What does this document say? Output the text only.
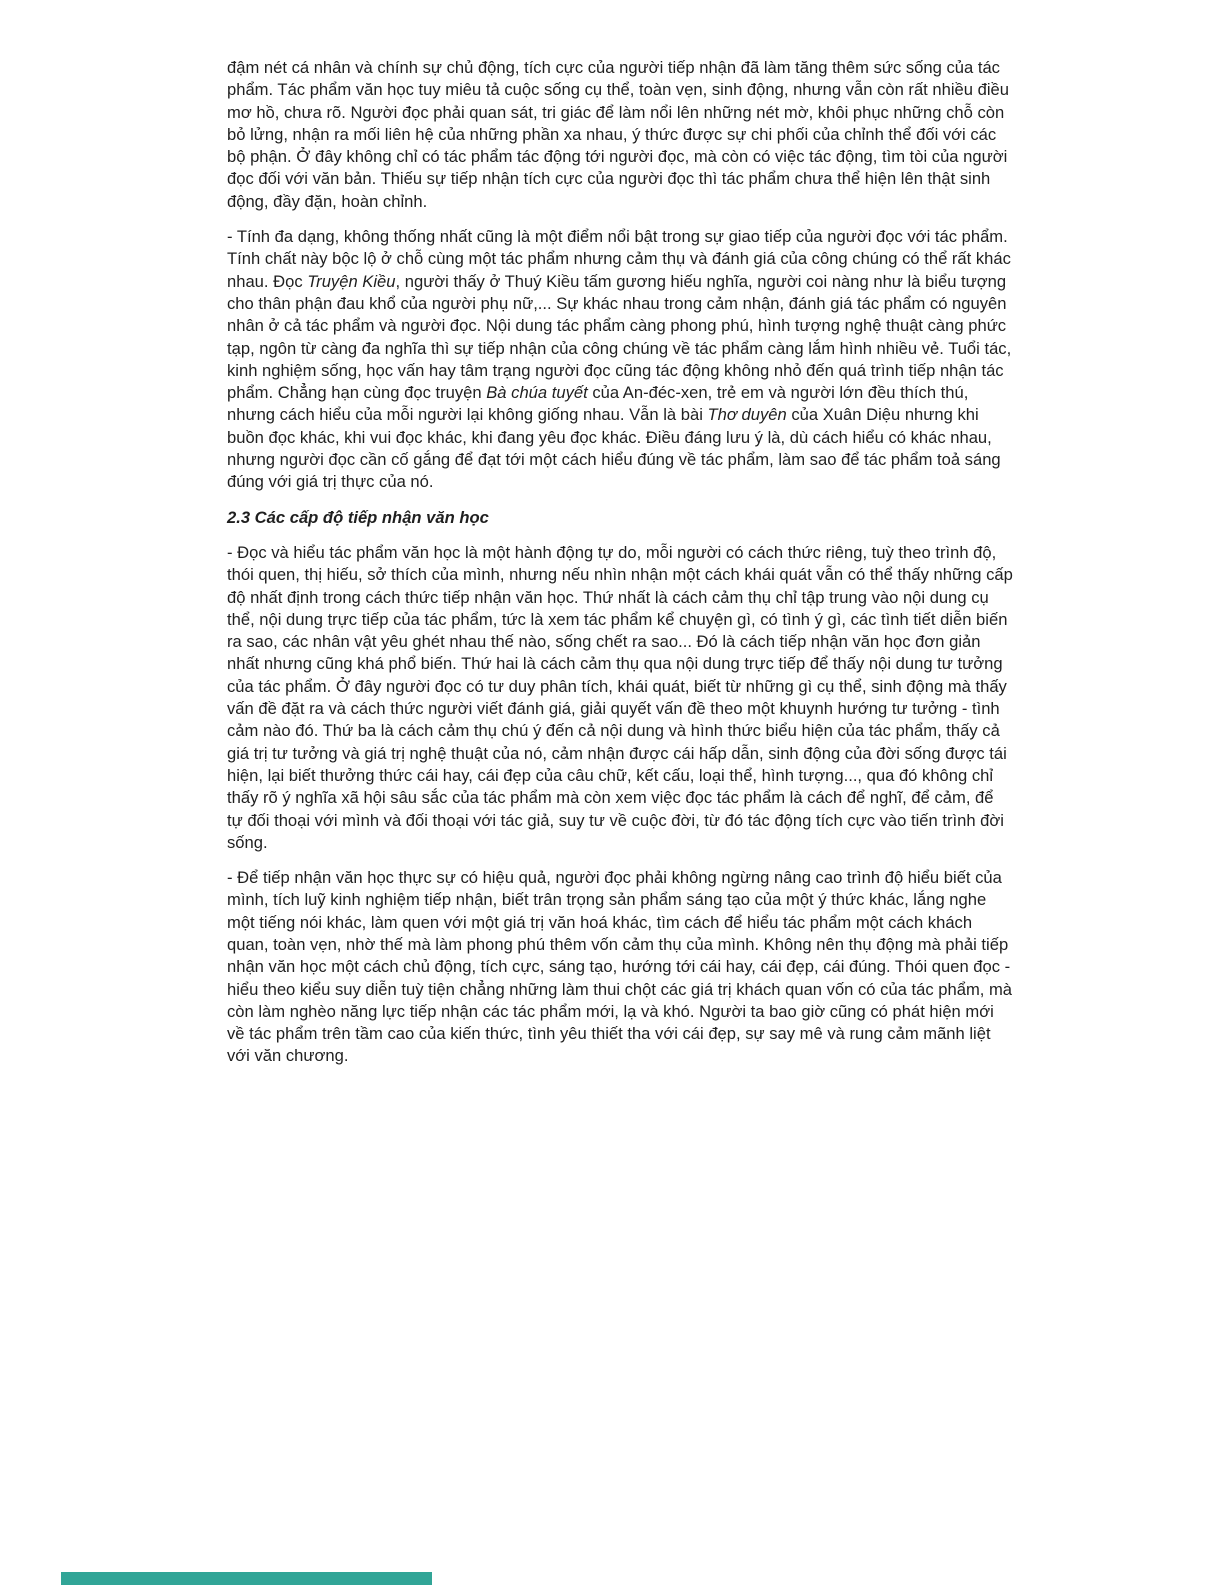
đậm nét cá nhân và chính sự chủ động, tích cực của người tiếp nhận đã làm tăng thêm sức sống của tác phẩm. Tác phẩm văn học tuy miêu tả cuộc sống cụ thể, toàn vẹn, sinh động, nhưng vẫn còn rất nhiều điều mơ hồ, chưa rõ. Người đọc phải quan sát, tri giác để làm nổi lên những nét mờ, khôi phục những chỗ còn bỏ lửng, nhận ra mối liên hệ của những phần xa nhau, ý thức được sự chi phối của chỉnh thể đối với các bộ phận. Ở đây không chỉ có tác phẩm tác động tới người đọc, mà còn có việc tác động, tìm tòi của người đọc đối với văn bản. Thiếu sự tiếp nhận tích cực của người đọc thì tác phẩm chưa thể hiện lên thật sinh động, đầy đặn, hoàn chỉnh.

- Tính đa dạng, không thống nhất cũng là một điểm nổi bật trong sự giao tiếp của người đọc với tác phẩm. Tính chất này bộc lộ ở chỗ cùng một tác phẩm nhưng cảm thụ và đánh giá của công chúng có thể rất khác nhau. Đọc Truyện Kiều, người thấy ở Thuý Kiều tấm gương hiếu nghĩa, người coi nàng như là biểu tượng cho thân phận đau khổ của người phụ nữ,... Sự khác nhau trong cảm nhận, đánh giá tác phẩm có nguyên nhân ở cả tác phẩm và người đọc. Nội dung tác phẩm càng phong phú, hình tượng nghệ thuật càng phức tạp, ngôn từ càng đa nghĩa thì sự tiếp nhận của công chúng về tác phẩm càng lắm hình nhiều vẻ. Tuổi tác, kinh nghiệm sống, học vấn hay tâm trạng người đọc cũng tác động không nhỏ đến quá trình tiếp nhận tác phẩm. Chẳng hạn cùng đọc truyện Bà chúa tuyết của An-đéc-xen, trẻ em và người lớn đều thích thú, nhưng cách hiểu của mỗi người lại không giống nhau. Vẫn là bài Thơ duyên của Xuân Diệu nhưng khi buồn đọc khác, khi vui đọc khác, khi đang yêu đọc khác. Điều đáng lưu ý là, dù cách hiểu có khác nhau, nhưng người đọc cần cố gắng để đạt tới một cách hiểu đúng về tác phẩm, làm sao để tác phẩm toả sáng đúng với giá trị thực của nó.

2.3 Các cấp độ tiếp nhận văn học

- Đọc và hiểu tác phẩm văn học là một hành động tự do, mỗi người có cách thức riêng, tuỳ theo trình độ, thói quen, thị hiếu, sở thích của mình, nhưng nếu nhìn nhận một cách khái quát vẫn có thể thấy những cấp độ nhất định trong cách thức tiếp nhận văn học. Thứ nhất là cách cảm thụ chỉ tập trung vào nội dung cụ thể, nội dung trực tiếp của tác phẩm, tức là xem tác phẩm kể chuyện gì, có tình ý gì, các tình tiết diễn biến ra sao, các nhân vật yêu ghét nhau thế nào, sống chết ra sao... Đó là cách tiếp nhận văn học đơn giản nhất nhưng cũng khá phổ biến. Thứ hai là cách cảm thụ qua nội dung trực tiếp để thấy nội dung tư tưởng của tác phẩm. Ở đây người đọc có tư duy phân tích, khái quát, biết từ những gì cụ thể, sinh động mà thấy vấn đề đặt ra và cách thức người viết đánh giá, giải quyết vấn đề theo một khuynh hướng tư tưởng - tình cảm nào đó. Thứ ba là cách cảm thụ chú ý đến cả nội dung và hình thức biểu hiện của tác phẩm, thấy cả giá trị tư tưởng và giá trị nghệ thuật của nó, cảm nhận được cái hấp dẫn, sinh động của đời sống được tái hiện, lại biết thưởng thức cái hay, cái đẹp của câu chữ, kết cấu, loại thể, hình tượng..., qua đó không chỉ thấy rõ ý nghĩa xã hội sâu sắc của tác phẩm mà còn xem việc đọc tác phẩm là cách để nghĩ, để cảm, để tự đối thoại với mình và đối thoại với tác giả, suy tư về cuộc đời, từ đó tác động tích cực vào tiến trình đời sống.

- Để tiếp nhận văn học thực sự có hiệu quả, người đọc phải không ngừng nâng cao trình độ hiểu biết của mình, tích luỹ kinh nghiệm tiếp nhận, biết trân trọng sản phẩm sáng tạo của một ý thức khác, lắng nghe một tiếng nói khác, làm quen với một giá trị văn hoá khác, tìm cách để hiểu tác phẩm một cách khách quan, toàn vẹn, nhờ thế mà làm phong phú thêm vốn cảm thụ của mình. Không nên thụ động mà phải tiếp nhận văn học một cách chủ động, tích cực, sáng tạo, hướng tới cái hay, cái đẹp, cái đúng. Thói quen đọc - hiểu theo kiểu suy diễn tuỳ tiện chẳng những làm thui chột các giá trị khách quan vốn có của tác phẩm, mà còn làm nghèo năng lực tiếp nhận các tác phẩm mới, lạ và khó. Người ta bao giờ cũng có phát hiện mới về tác phẩm trên tầm cao của kiến thức, tình yêu thiết tha với cái đẹp, sự say mê và rung cảm mãnh liệt với văn chương.
